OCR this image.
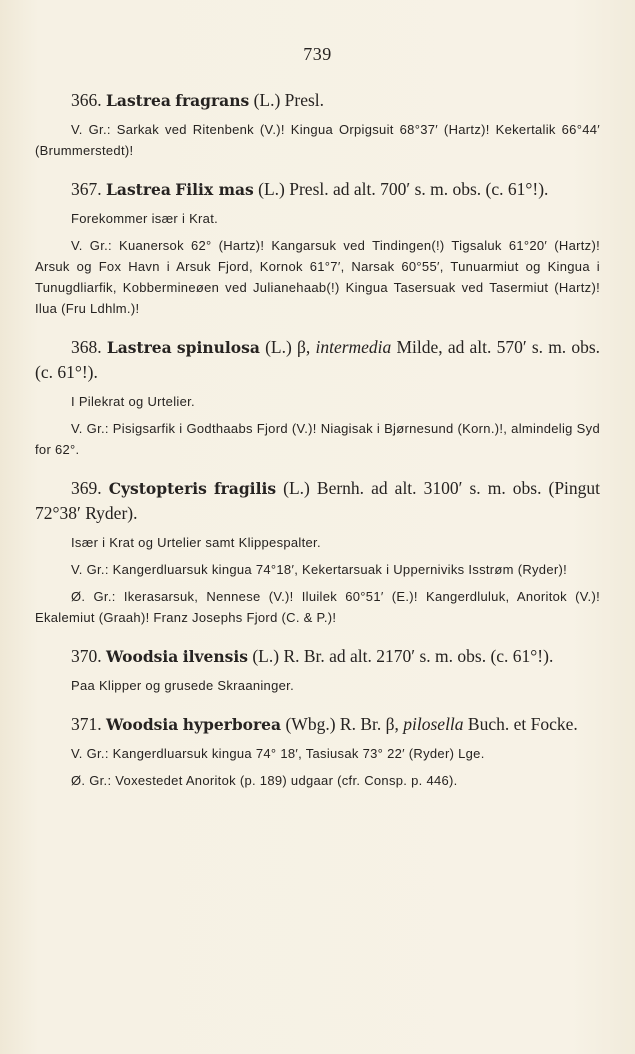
739

366. Lastrea fragrans (L.) Presl.

V. Gr.: Sarkak ved Ritenbenk (V.)! Kingua Orpigsuit 68°37′ (Hartz)! Kekertalik 66°44′ (Brummerstedt)!

367. Lastrea Filix mas (L.) Presl. ad alt. 700′ s. m. obs. (c. 61°!).

Forekommer især i Krat.

V. Gr.: Kuanersok 62° (Hartz)! Kangarsuk ved Tindingen(!) Tigsaluk 61°20′ (Hartz)! Arsuk og Fox Havn i Arsuk Fjord, Kornok 61°7′, Narsak 60°55′, Tunuarmiut og Kingua i Tunugdliarfik, Kobbermineøen ved Julianehaab(!) Kingua Tasersuak ved Tasermiut (Hartz)! Ilua (Fru Ldhlm.)!

368. Lastrea spinulosa (L.) β, intermedia Milde, ad alt. 570′ s. m. obs. (c. 61°!).

I Pilekrat og Urtelier.

V. Gr.: Pisigsarfik i Godthaabs Fjord (V.)! Niagisak i Bjørnesund (Korn.)!, almindelig Syd for 62°.

369. Cystopteris fragilis (L.) Bernh. ad alt. 3100′ s. m. obs. (Pingut 72°38′ Ryder).

Især i Krat og Urtelier samt Klippespalter.

V. Gr.: Kangerdluarsuk kingua 74°18′, Kekertarsuak i Upperniviks Isstrøm (Ryder)!

Ø. Gr.: Ikerasarsuk, Nennese (V.)! Iluilek 60°51′ (E.)! Kangerdluluk, Anoritok (V.)! Ekalemiut (Graah)! Franz Josephs Fjord (C. & P.)!

370. Woodsia ilvensis (L.) R. Br. ad alt. 2170′ s. m. obs. (c. 61°!).

Paa Klipper og grusede Skraaninger.

371. Woodsia hyperborea (Wbg.) R. Br. β, pilosella Buch. et Focke.

V. Gr.: Kangerdluarsuk kingua 74° 18′, Tasiusak 73° 22′ (Ryder) Lge.

Ø. Gr.: Voxestedet Anoritok (p. 189) udgaar (cfr. Consp. p. 446).
